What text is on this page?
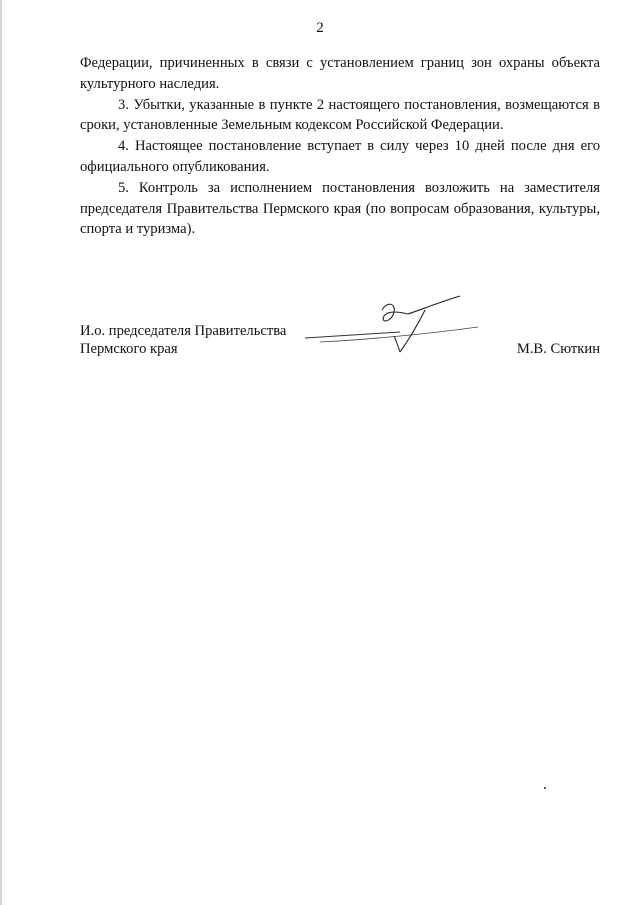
2

Федерации, причиненных в связи с установлением границ зон охраны объекта культурного наследия.

3. Убытки, указанные в пункте 2 настоящего постановления, возмещаются в сроки, установленные Земельным кодексом Российской Федерации.

4. Настоящее постановление вступает в силу через 10 дней после дня его официального опубликования.

5. Контроль за исполнением постановления возложить на заместителя председателя Правительства Пермского края (по вопросам образования, культуры, спорта и туризма).

И.о. председателя Правительства
Пермского края	М.В. Сюткин
